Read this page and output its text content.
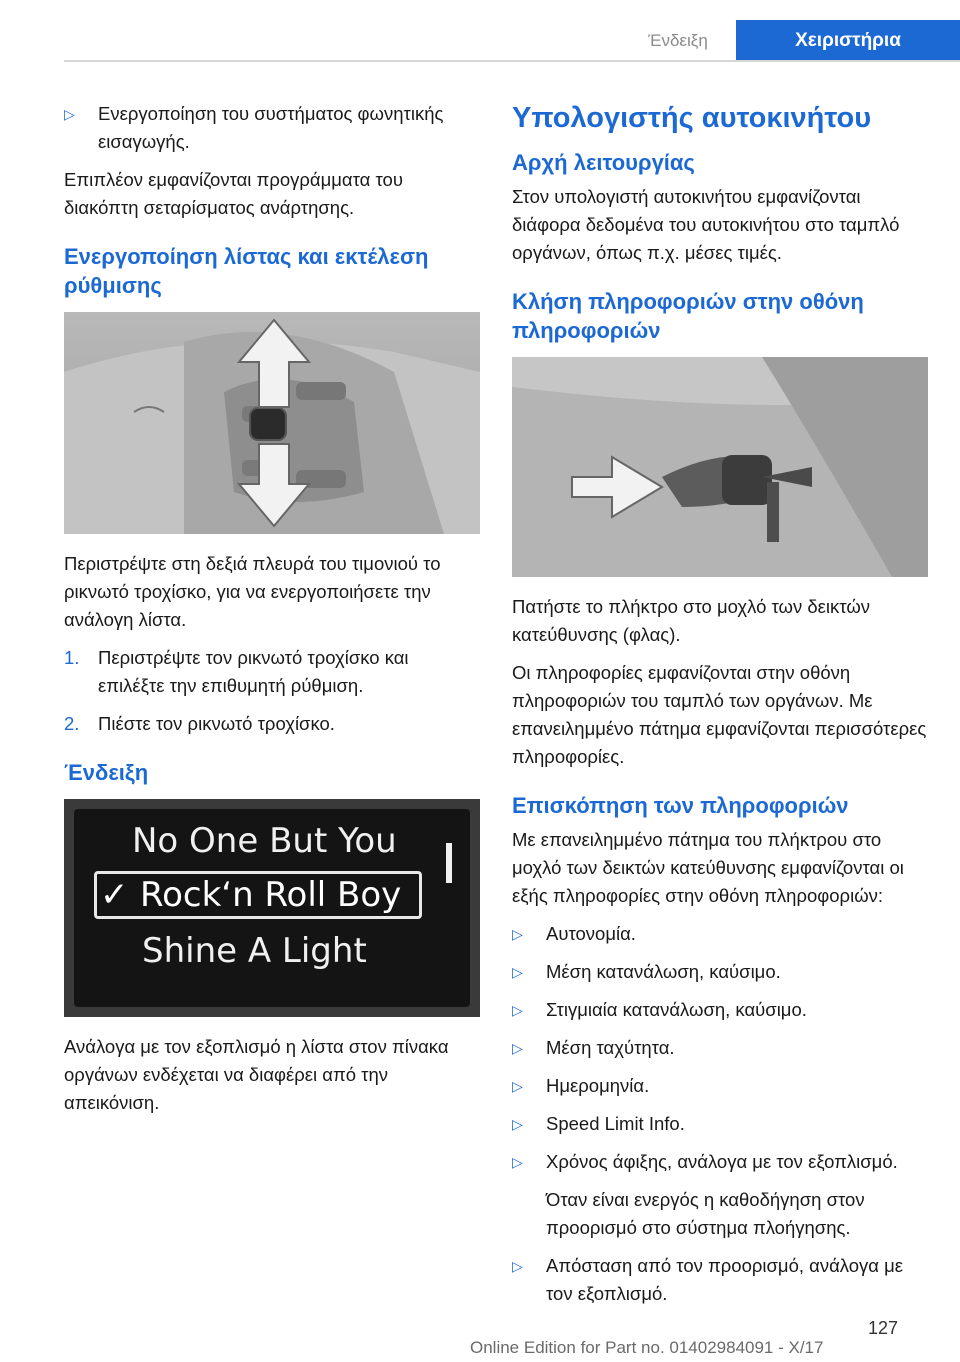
Ένδειξη	Χειριστήρια
▷	Ενεργοποίηση του συστήματος φωνητικής εισαγωγής.

Επιπλέον εμφανίζονται προγράμματα του διακόπτη σεταρίσματος ανάρτησης.

Ενεργοποίηση λίστας και εκτέλεση ρύθμισης

Περιστρέψτε στη δεξιά πλευρά του τιμονιού το ρικνωτό τροχίσκο, για να ενεργοποιήσετε την ανάλογη λίστα.

1.	Περιστρέψτε τον ρικνωτό τροχίσκο και επιλέξτε την επιθυμητή ρύθμιση.
2.	Πιέστε τον ρικνωτό τροχίσκο.
Ένδειξη
No One But You
✓ Rock‘n Roll Boy
Shine A Light

Ανάλογα με τον εξοπλισμό η λίστα στον πίνακα οργάνων ενδέχεται να διαφέρει από την απεικόνιση.

Υπολογιστής αυτοκινήτου
Αρχή λειτουργίας

Στον υπολογιστή αυτοκινήτου εμφανίζονται διάφορα δεδομένα του αυτοκινήτου στο ταμπλό οργάνων, όπως π.χ. μέσες τιμές.

Κλήση πληροφοριών στην οθόνη πληροφοριών

Πατήστε το πλήκτρο στο μοχλό των δεικτών κατεύθυνσης (φλας).

Οι πληροφορίες εμφανίζονται στην οθόνη πληροφοριών του ταμπλό των οργάνων. Με επανειλημμένο πάτημα εμφανίζονται περισσότερες πληροφορίες.

Επισκόπηση των πληροφοριών

Με επανειλημμένο πάτημα του πλήκτρου στο μοχλό των δεικτών κατεύθυνσης εμφανίζονται οι εξής πληροφορίες στην οθόνη πληροφοριών:

▷	Αυτονομία.
▷	Μέση κατανάλωση, καύσιμο.
▷	Στιγμιαία κατανάλωση, καύσιμο.
▷	Μέση ταχύτητα.
▷	Ημερομηνία.
▷	Speed Limit Info.
▷	Χρόνος άφιξης, ανάλογα με τον εξοπλισμό.
Όταν είναι ενεργός η καθοδήγηση στον προορισμό στο σύστημα πλοήγησης.
▷	Απόσταση από τον προορισμό, ανάλογα με τον εξοπλισμό.
127
Online Edition for Part no. 01402984091 - X/17
